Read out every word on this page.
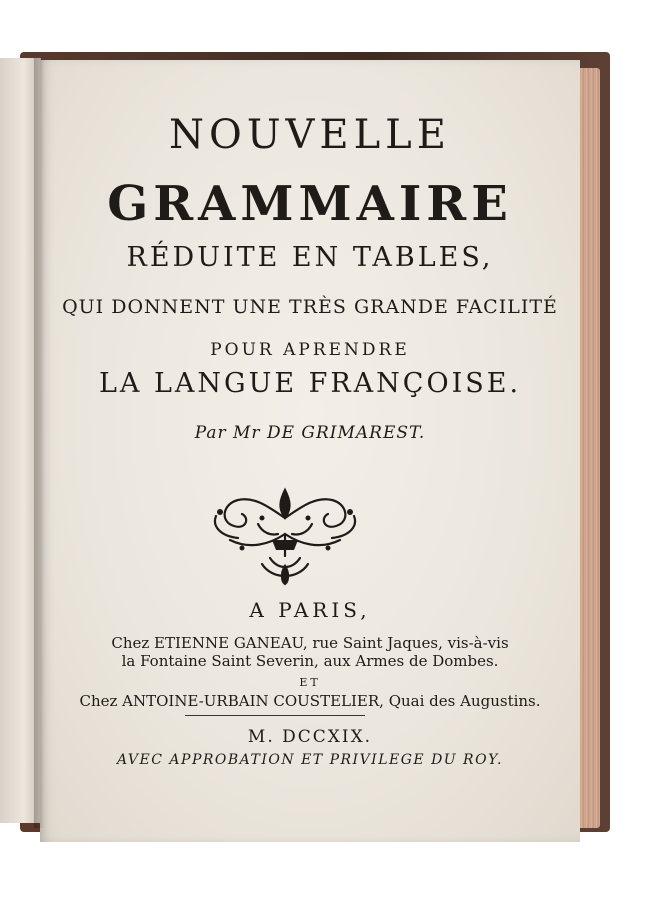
NOUVELLE
GRAMMAIRE
RÉDUITE EN TABLES,
QUI DONNENT UNE TRÈS GRANDE FACILITÉ
POUR APRENDRE
LA LANGUE FRANÇOISE.
Par Mr DE GRIMAREST.
A PARIS,
Chez ETIENNE GANEAU, rue Saint Jaques, vis-à-vis
la Fontaine Saint Severin, aux Armes de Dombes.
ET
Chez ANTOINE-URBAIN COUSTELIER, Quai des Augustins.
M. DCCXIX.
AVEC APPROBATION ET PRIVILEGE DU ROY.
